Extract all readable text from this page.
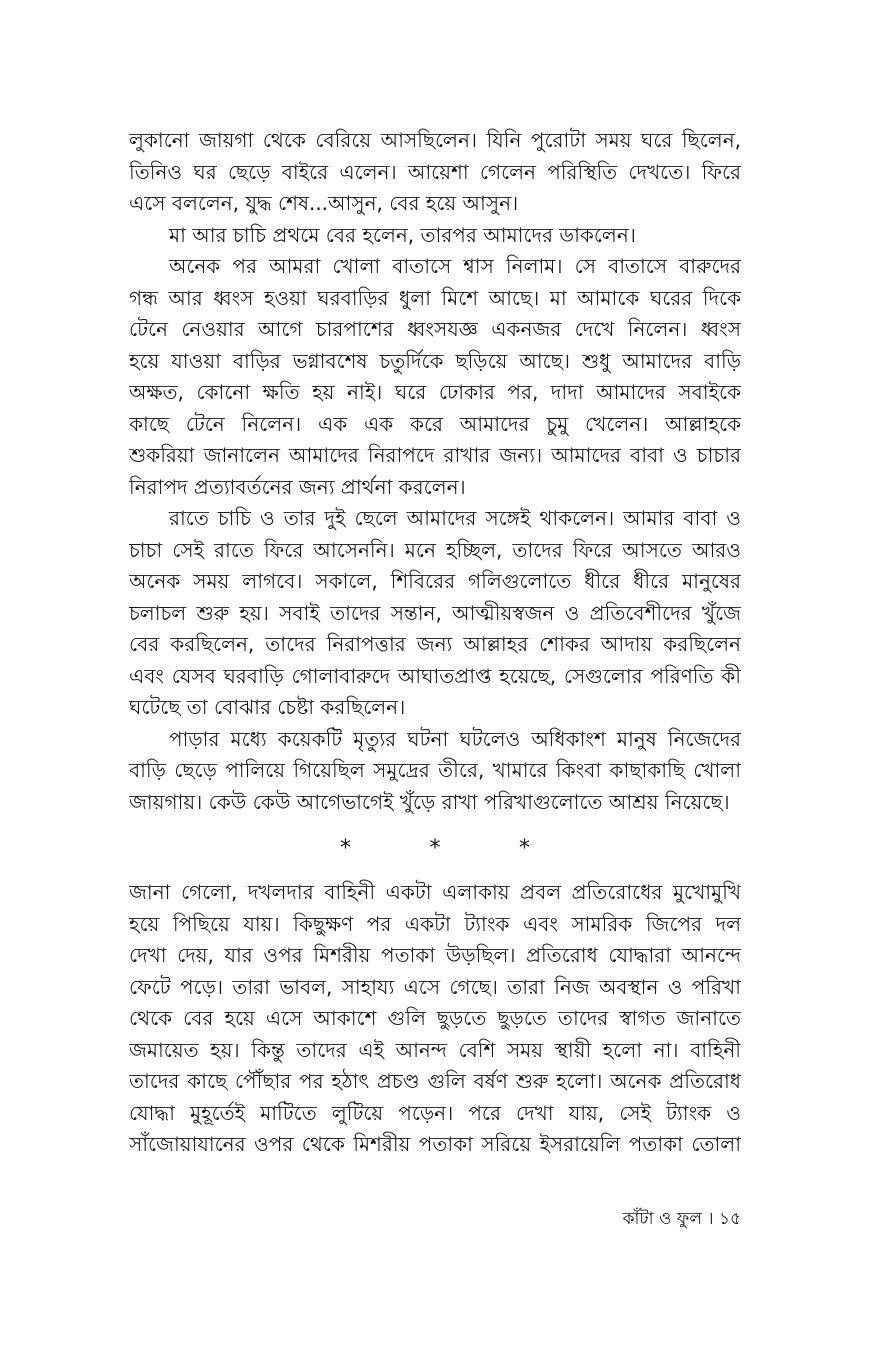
লুকানো জায়গা থেকে বেরিয়ে আসছিলেন। যিনি পুরোটা সময় ঘরে ছিলেন,
তিনিও ঘর ছেড়ে বাইরে এলেন। আয়েশা গেলেন পরিস্থিতি দেখতে। ফিরে
এসে বললেন, যুদ্ধ শেষ...আসুন, বের হয়ে আসুন।
মা আর চাচি প্রথমে বের হলেন, তারপর আমাদের ডাকলেন।
অনেক পর আমরা খোলা বাতাসে শ্বাস নিলাম। সে বাতাসে বারুদের
গন্ধ আর ধ্বংস হওয়া ঘরবাড়ির ধুলা মিশে আছে। মা আমাকে ঘরের দিকে
টেনে নেওয়ার আগে চারপাশের ধ্বংসযজ্ঞ একনজর দেখে নিলেন। ধ্বংস
হয়ে যাওয়া বাড়ির ভগ্নাবশেষ চতুর্দিকে ছড়িয়ে আছে। শুধু আমাদের বাড়ি
অক্ষত, কোনো ক্ষতি হয় নাই। ঘরে ঢোকার পর, দাদা আমাদের সবাইকে
কাছে টেনে নিলেন। এক এক করে আমাদের চুমু খেলেন। আল্লাহকে
শুকরিয়া জানালেন আমাদের নিরাপদে রাখার জন্য। আমাদের বাবা ও চাচার
নিরাপদ প্রত্যাবর্তনের জন্য প্রার্থনা করলেন।
রাতে চাচি ও তার দুই ছেলে আমাদের সঙ্গেই থাকলেন। আমার বাবা ও
চাচা সেই রাতে ফিরে আসেননি। মনে হচ্ছিল, তাদের ফিরে আসতে আরও
অনেক সময় লাগবে। সকালে, শিবিরের গলিগুলোতে ধীরে ধীরে মানুষের
চলাচল শুরু হয়। সবাই তাদের সন্তান, আত্মীয়স্বজন ও প্রতিবেশীদের খুঁজে
বের করছিলেন, তাদের নিরাপত্তার জন্য আল্লাহর শোকর আদায় করছিলেন
এবং যেসব ঘরবাড়ি গোলাবারুদে আঘাতপ্রাপ্ত হয়েছে, সেগুলোর পরিণতি কী
ঘটেছে তা বোঝার চেষ্টা করছিলেন।
পাড়ার মধ্যে কয়েকটি মৃত্যুর ঘটনা ঘটলেও অধিকাংশ মানুষ নিজেদের
বাড়ি ছেড়ে পালিয়ে গিয়েছিল সমুদ্রের তীরে, খামারে কিংবা কাছাকাছি খোলা
জায়গায়। কেউ কেউ আগেভাগেই খুঁড়ে রাখা পরিখাগুলোতে আশ্রয় নিয়েছে।
*	*	*
জানা গেলো, দখলদার বাহিনী একটা এলাকায় প্রবল প্রতিরোধের মুখোমুখি
হয়ে পিছিয়ে যায়। কিছুক্ষণ পর একটা ট্যাংক এবং সামরিক জিপের দল
দেখা দেয়, যার ওপর মিশরীয় পতাকা উড়ছিল। প্রতিরোধ যোদ্ধারা আনন্দে
ফেটে পড়ে। তারা ভাবল, সাহায্য এসে গেছে। তারা নিজ অবস্থান ও পরিখা
থেকে বের হয়ে এসে আকাশে গুলি ছুড়তে ছুড়তে তাদের স্বাগত জানাতে
জমায়েত হয়। কিন্তু তাদের এই আনন্দ বেশি সময় স্থায়ী হলো না। বাহিনী
তাদের কাছে পৌঁছার পর হঠাৎ প্রচণ্ড গুলি বর্ষণ শুরু হলো। অনেক প্রতিরোধ
যোদ্ধা মুহূর্তেই মাটিতে লুটিয়ে পড়েন। পরে দেখা যায়, সেই ট্যাংক ও
সাঁজোয়াযানের ওপর থেকে মিশরীয় পতাকা সরিয়ে ইসরায়েলি পতাকা তোলা
কাঁটা ও ফুল । ১৫
